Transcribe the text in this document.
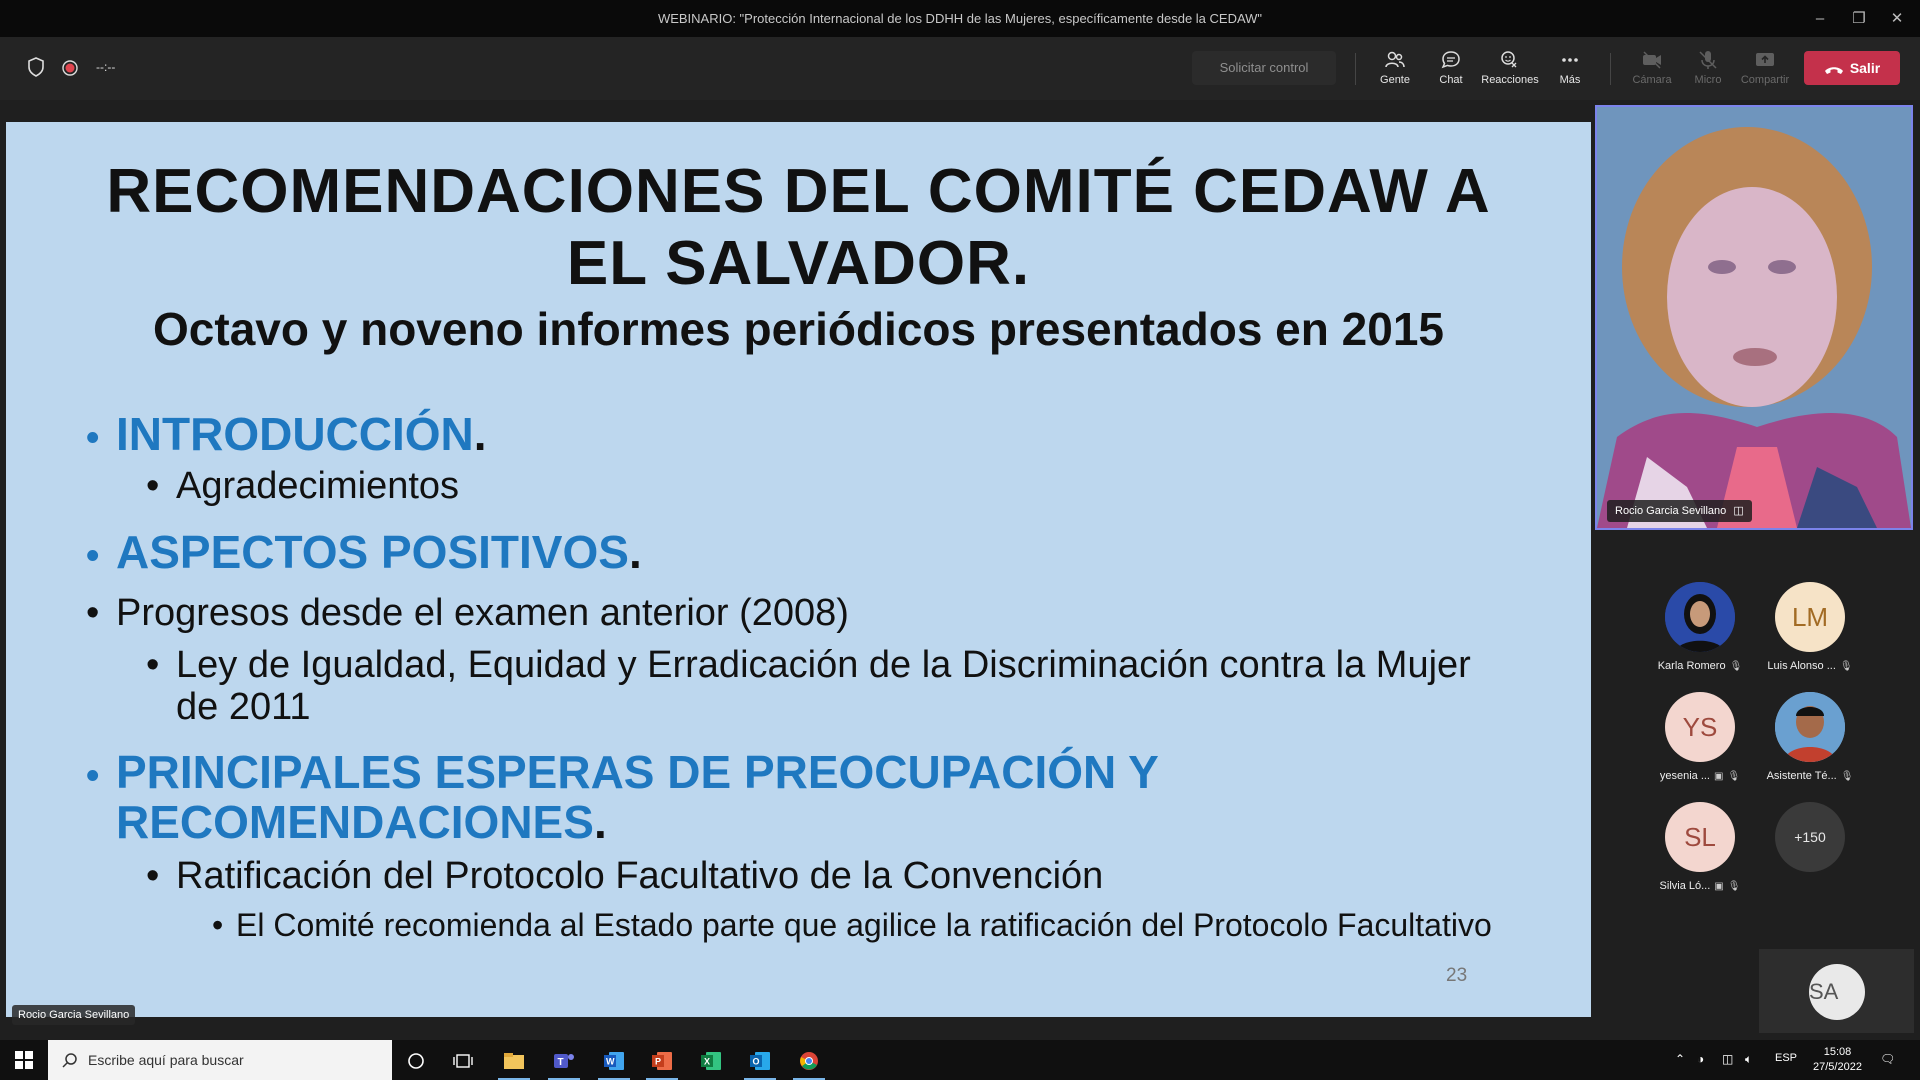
WEBINARIO: "Protección Internacional de los DDHH de las Mujeres, específicamente desde la CEDAW"	–	❐	✕
--:--	Solicitar control
Gente	Chat	Reacciones	Más	Cámara	Micro	Compartir
Salir
RECOMENDACIONES DEL COMITÉ CEDAW A
EL SALVADOR.
Octavo y noveno informes periódicos presentados en 2015
• INTRODUCCIÓN.
• Agradecimientos
• ASPECTOS POSITIVOS.
• Progresos desde el examen anterior (2008)
• Ley de Igualdad, Equidad y Erradicación de la Discriminación contra la Mujer
de 2011
• PRINCIPALES ESPERAS DE PREOCUPACIÓN Y
RECOMENDACIONES.
• Ratificación del Protocolo Facultativo de la Convención
• El Comité recomienda al Estado parte que agilice la ratificación del Protocolo Facultativo
23
Rocio Garcia Sevillano
Rocio Garcia Sevillano ◫
Karla Romero 🎙︎
LM
Luis Alonso ... 🎙︎
YS
yesenia ... ▣ 🎙︎	Asistente Té... 🎙︎
SL
Silvia Ló... ▣ 🎙︎
+150
SA
Escribe aquí para buscar	T	W	P	X	O	⌃ ◑ ◫ 🔈︎ ESP	15:08
27/5/2022
🗨︎
